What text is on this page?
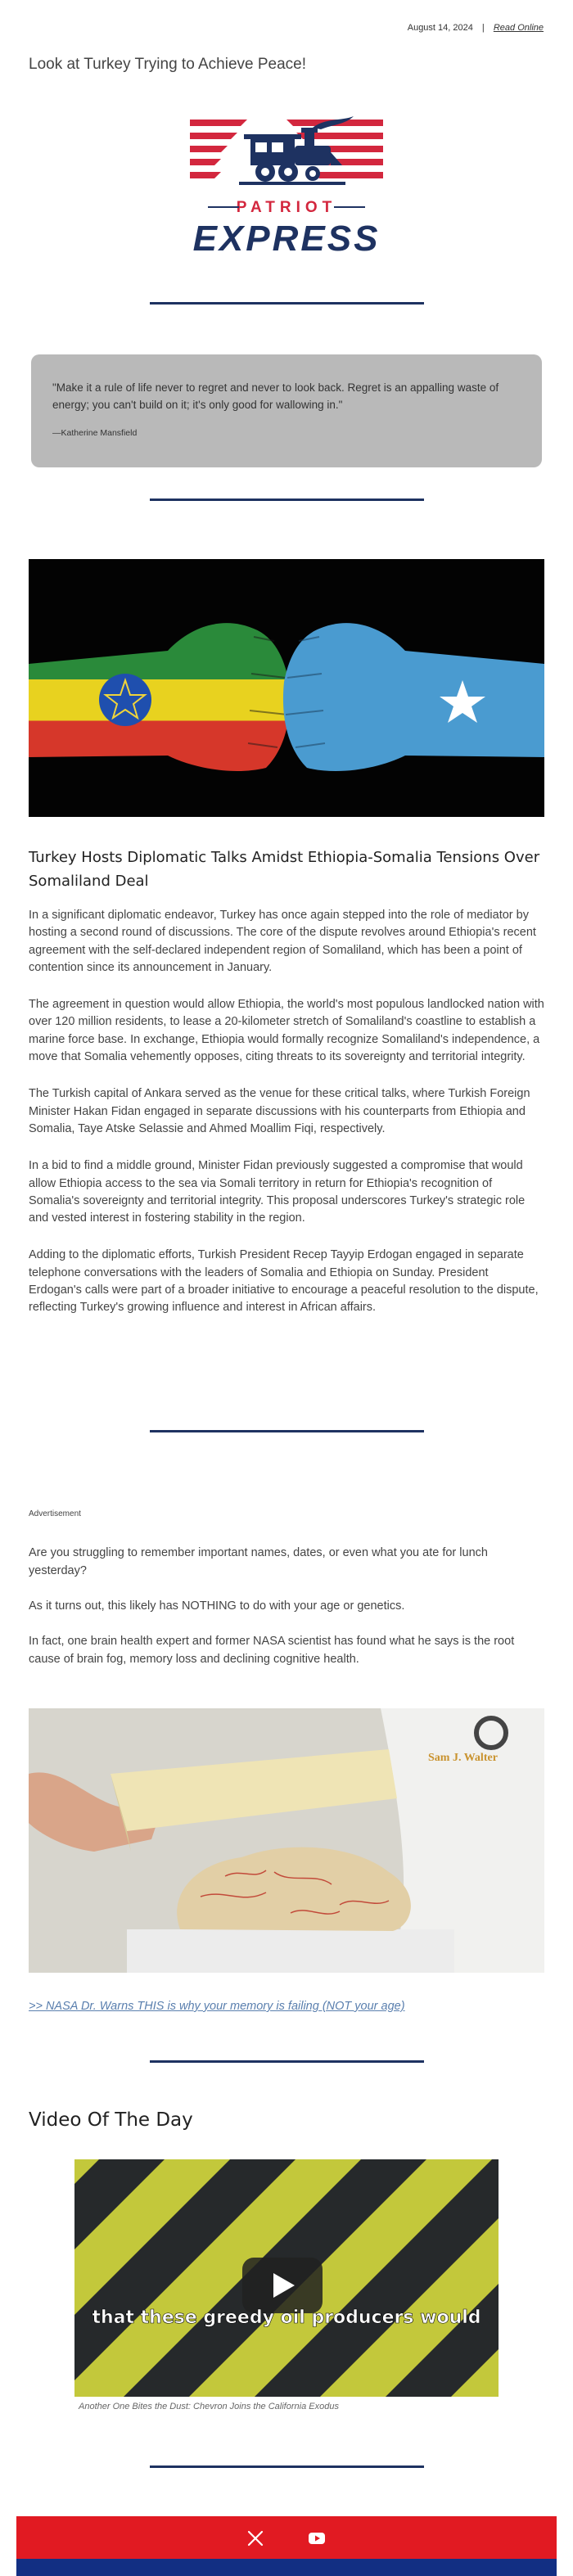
August 14, 2024 | Read Online
Look at Turkey Trying to Achieve Peace!
PATRIOT
EXPRESS

"Make it a rule of life never to regret and never to look back. Regret is an appalling waste of energy; you can't build on it; it's only good for wallowing in."

—Katherine Mansfield
Turkey Hosts Diplomatic Talks Amidst Ethiopia-Somalia Tensions Over Somaliland Deal

In a significant diplomatic endeavor, Turkey has once again stepped into the role of mediator by hosting a second round of discussions. The core of the dispute revolves around Ethiopia's recent agreement with the self-declared independent region of Somaliland, which has been a point of contention since its announcement in January.

The agreement in question would allow Ethiopia, the world's most populous landlocked nation with over 120 million residents, to lease a 20-kilometer stretch of Somaliland's coastline to establish a marine force base. In exchange, Ethiopia would formally recognize Somaliland's independence, a move that Somalia vehemently opposes, citing threats to its sovereignty and territorial integrity.

The Turkish capital of Ankara served as the venue for these critical talks, where Turkish Foreign Minister Hakan Fidan engaged in separate discussions with his counterparts from Ethiopia and Somalia, Taye Atske Selassie and Ahmed Moallim Fiqi, respectively.

In a bid to find a middle ground, Minister Fidan previously suggested a compromise that would allow Ethiopia access to the sea via Somali territory in return for Ethiopia's recognition of Somalia's sovereignty and territorial integrity. This proposal underscores Turkey's strategic role and vested interest in fostering stability in the region.

Adding to the diplomatic efforts, Turkish President Recep Tayyip Erdogan engaged in separate telephone conversations with the leaders of Somalia and Ethiopia on Sunday. President Erdogan's calls were part of a broader initiative to encourage a peaceful resolution to the dispute, reflecting Turkey's growing influence and interest in African affairs.

Advertisement

Are you struggling to remember important names, dates, or even what you ate for lunch yesterday?

As it turns out, this likely has NOTHING to do with your age or genetics.

In fact, one brain health expert and former NASA scientist has found what he says is the root cause of brain fog, memory loss and declining cognitive health.

Sam J. Walter
>> NASA Dr. Warns THIS is why your memory is failing (NOT your age)
Video Of The Day
that these greedy oil producers would
Another One Bites the Dust: Chevron Joins the California Exodus
